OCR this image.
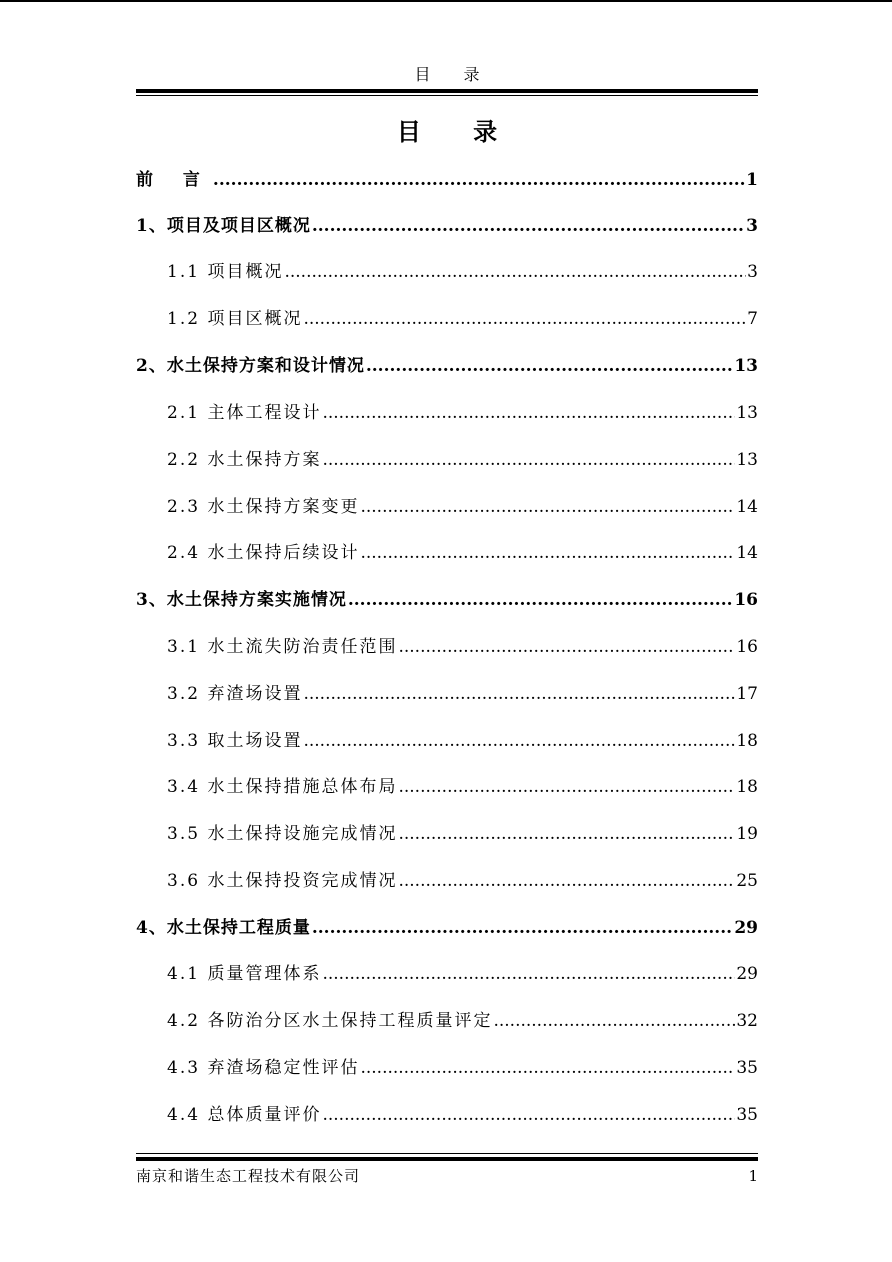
目 录
目 录
前 言 .....	1
1、项目及项目区概况 .....	3
1.1 项目概况 .....	3
1.2 项目区概况 .....	7
2、水土保持方案和设计情况 .....	13
2.1 主体工程设计 .....	13
2.2 水土保持方案 .....	13
2.3 水土保持方案变更 .....	14
2.4 水土保持后续设计 .....	14
3、水土保持方案实施情况 .....	16
3.1 水土流失防治责任范围 .....	16
3.2 弃渣场设置 .....	17
3.3 取土场设置 .....	18
3.4 水土保持措施总体布局 .....	18
3.5 水土保持设施完成情况 .....	19
3.6 水土保持投资完成情况 .....	25
4、水土保持工程质量 .....	29
4.1 质量管理体系 .....	29
4.2 各防治分区水土保持工程质量评定 .....	32
4.3 弃渣场稳定性评估 .....	35
4.4 总体质量评价 .....	35
南京和谐生态工程技术有限公司	1
